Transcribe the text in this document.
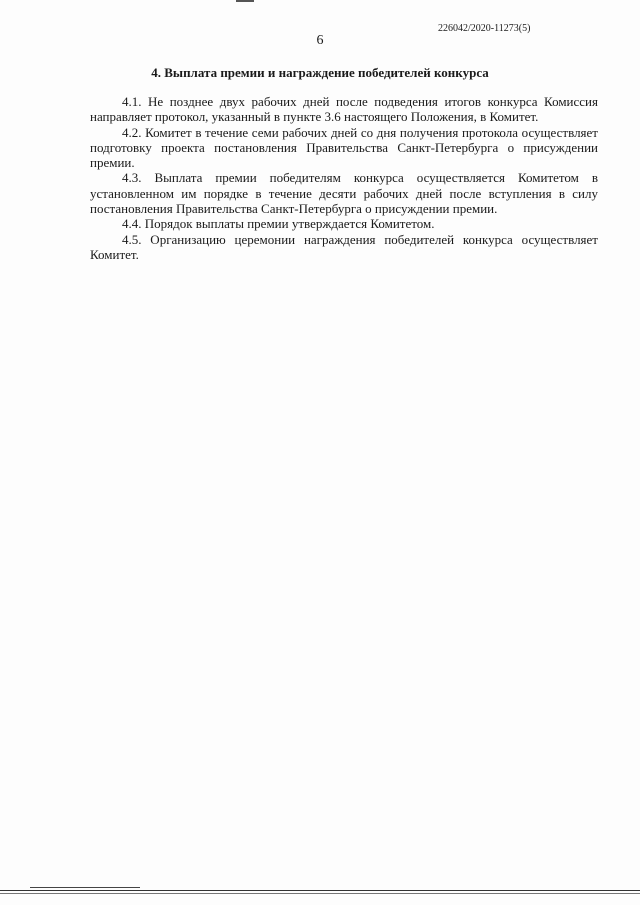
226042/2020-11273(5)
6
4. Выплата премии и награждение победителей конкурса

4.1. Не позднее двух рабочих дней после подведения итогов конкурса Комиссия направляет протокол, указанный в пункте 3.6 настоящего Положения, в Комитет.

4.2. Комитет в течение семи рабочих дней со дня получения протокола осуществляет подготовку проекта постановления Правительства Санкт-Петербурга о присуждении премии.

4.3. Выплата премии победителям конкурса осуществляется Комитетом в установленном им порядке в течение десяти рабочих дней после вступления в силу постановления Правительства Санкт-Петербурга о присуждении премии.

4.4. Порядок выплаты премии утверждается Комитетом.

4.5. Организацию церемонии награждения победителей конкурса осуществляет Комитет.
